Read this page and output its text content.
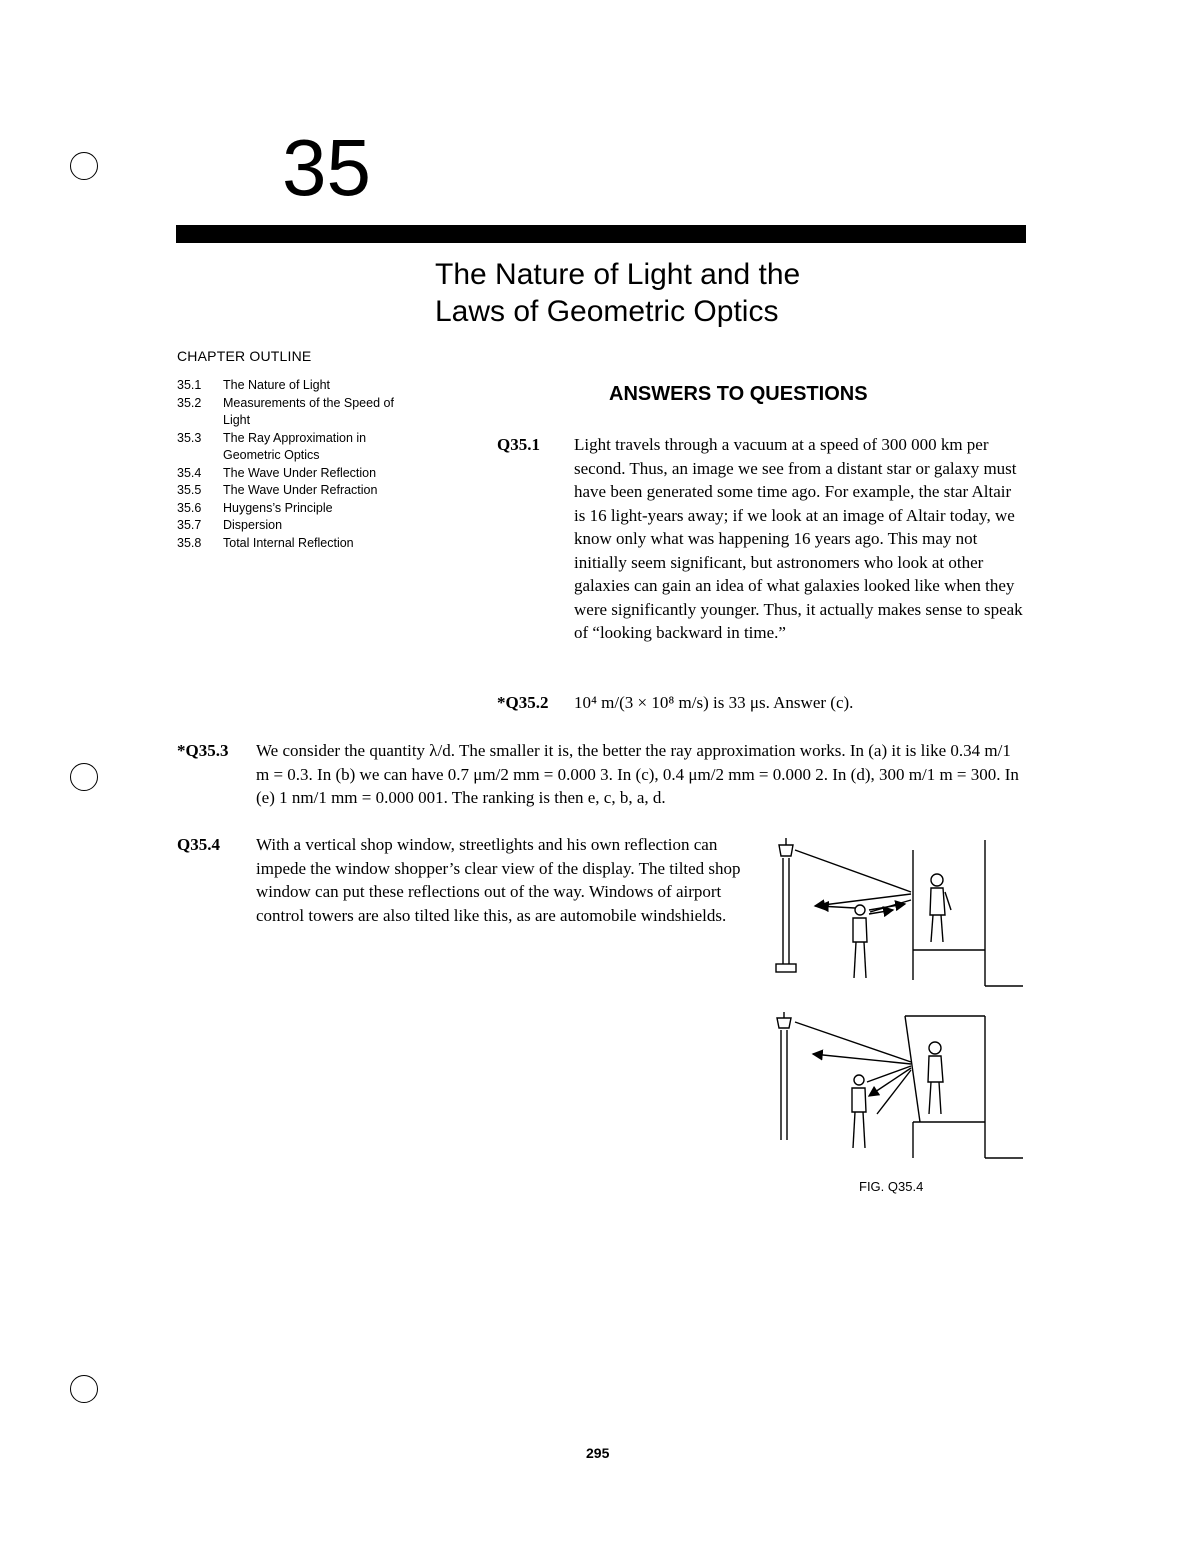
35
The Nature of Light and the
Laws of Geometric Optics
CHAPTER OUTLINE
35.1	The Nature of Light
35.2	Measurements of the Speed of Light
35.3	The Ray Approximation in Geometric Optics
35.4	The Wave Under Reflection
35.5	The Wave Under Refraction
35.6	Huygens’s Principle
35.7	Dispersion
35.8	Total Internal Reflection
ANSWERS TO QUESTIONS
Q35.1 Light travels through a vacuum at a speed of 300 000 km per second. Thus, an image we see from a distant star or galaxy must have been generated some time ago. For example, the star Altair is 16 light-years away; if we look at an image of Altair today, we know only what was happening 16 years ago. This may not initially seem significant, but astronomers who look at other galaxies can gain an idea of what galaxies looked like when they were significantly younger. Thus, it actually makes sense to speak of “looking backward in time.”

*Q35.2 10⁴ m/(3 × 10⁸ m/s) is 33 μs. Answer (c).

*Q35.3 We consider the quantity λ/d. The smaller it is, the better the ray approximation works. In (a) it is like 0.34 m/1 m = 0.3. In (b) we can have 0.7 μm/2 mm = 0.000 3. In (c), 0.4 μm/2 mm = 0.000 2. In (d), 300 m/1 m = 300. In (e) 1 nm/1 mm = 0.000 001. The ranking is then e, c, b, a, d.

Q35.4 With a vertical shop window, streetlights and his own reflection can impede the window shopper’s clear view of the display. The tilted shop window can put these reflections out of the way. Windows of airport control towers are also tilted like this, as are automobile windshields.

FIG. Q35.4
295
